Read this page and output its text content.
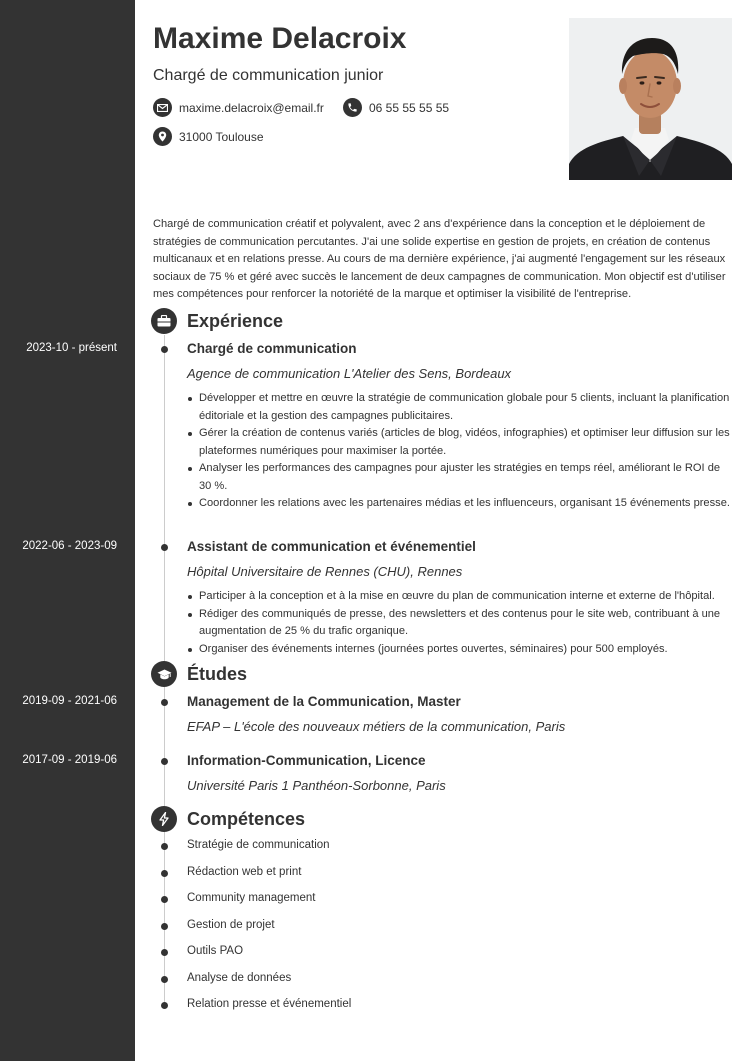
Maxime Delacroix
Chargé de communication junior
maxime.delacroix@email.fr	06 55 55 55 55
31000 Toulouse

Chargé de communication créatif et polyvalent, avec 2 ans d'expérience dans la conception et le déploiement de stratégies de communication percutantes. J'ai une solide expertise en gestion de projets, en création de contenus multicanaux et en relations presse. Au cours de ma dernière expérience, j'ai augmenté l'engagement sur les réseaux sociaux de 75 % et géré avec succès le lancement de deux campagnes de communication. Mon objectif est d'utiliser mes compétences pour renforcer la notoriété de la marque et optimiser la visibilité de l'entreprise.

Expérience
2023-10 - présent	Chargé de communication
Agence de communication L'Atelier des Sens, Bordeaux
Développer et mettre en œuvre la stratégie de communication globale pour 5 clients, incluant la planification éditoriale et la gestion des campagnes publicitaires.
Gérer la création de contenus variés (articles de blog, vidéos, infographies) et optimiser leur diffusion sur les plateformes numériques pour maximiser la portée.
Analyser les performances des campagnes pour ajuster les stratégies en temps réel, améliorant le ROI de 30 %.
Coordonner les relations avec les partenaires médias et les influenceurs, organisant 15 événements presse.
2022-06 - 2023-09	Assistant de communication et événementiel
Hôpital Universitaire de Rennes (CHU), Rennes
Participer à la conception et à la mise en œuvre du plan de communication interne et externe de l'hôpital.
Rédiger des communiqués de presse, des newsletters et des contenus pour le site web, contribuant à une augmentation de 25 % du trafic organique.
Organiser des événements internes (journées portes ouvertes, séminaires) pour 500 employés.
Études
2019-09 - 2021-06	Management de la Communication, Master
EFAP – L'école des nouveaux métiers de la communication, Paris
2017-09 - 2019-06	Information-Communication, Licence
Université Paris 1 Panthéon-Sorbonne, Paris
Compétences
Stratégie de communication
Rédaction web et print
Community management
Gestion de projet
Outils PAO
Analyse de données
Relation presse et événementiel
